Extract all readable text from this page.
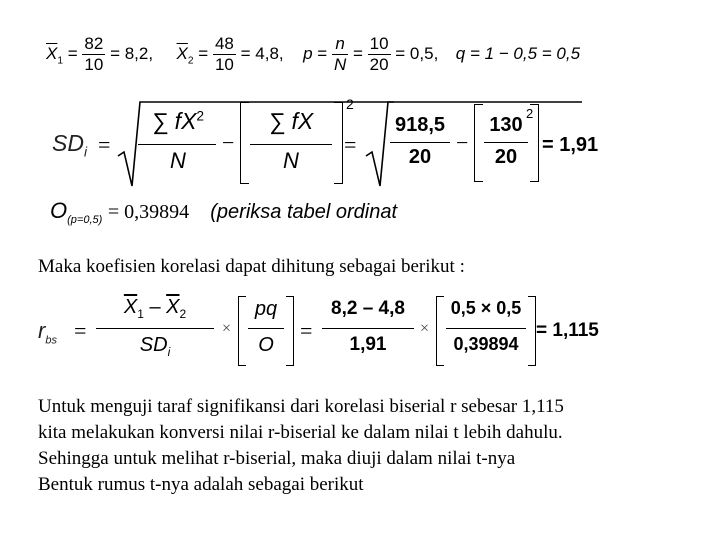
$\overline{X}_1 = \frac{82}{10} = 8,2$, $\overline{X}_2 = \frac{48}{10} = 4,8$, $p = \frac{n}{N} = \frac{10}{20} = 0,5$, q = 1 − 0,5 = 0,5
$SD_i$ =
∑ $fX^2$
N
−
∑ fX
N
2
=
918,5
20
−
130
20
2
= 1,91
$O_{(p=0,5)} = 0,39894$ (periksa tabel ordinat
Maka koefisien korelasi dapat dihitung sebagai berikut :
$r_{bs}$ =
$\overline{X}_1 - \overline{X}_2$
$SD_i$
×
pq
O
=
8,2 – 4,8
1,91
×
0,5 × 0,5
0,39894
= 1,115
Untuk menguji taraf signifikansi dari korelasi biserial r sebesar 1,115
kita melakukan konversi nilai r-biserial ke dalam nilai t lebih dahulu.
Sehingga untuk melihat r-biserial, maka diuji dalam nilai t-nya
Bentuk rumus t-nya adalah sebagai berikut
